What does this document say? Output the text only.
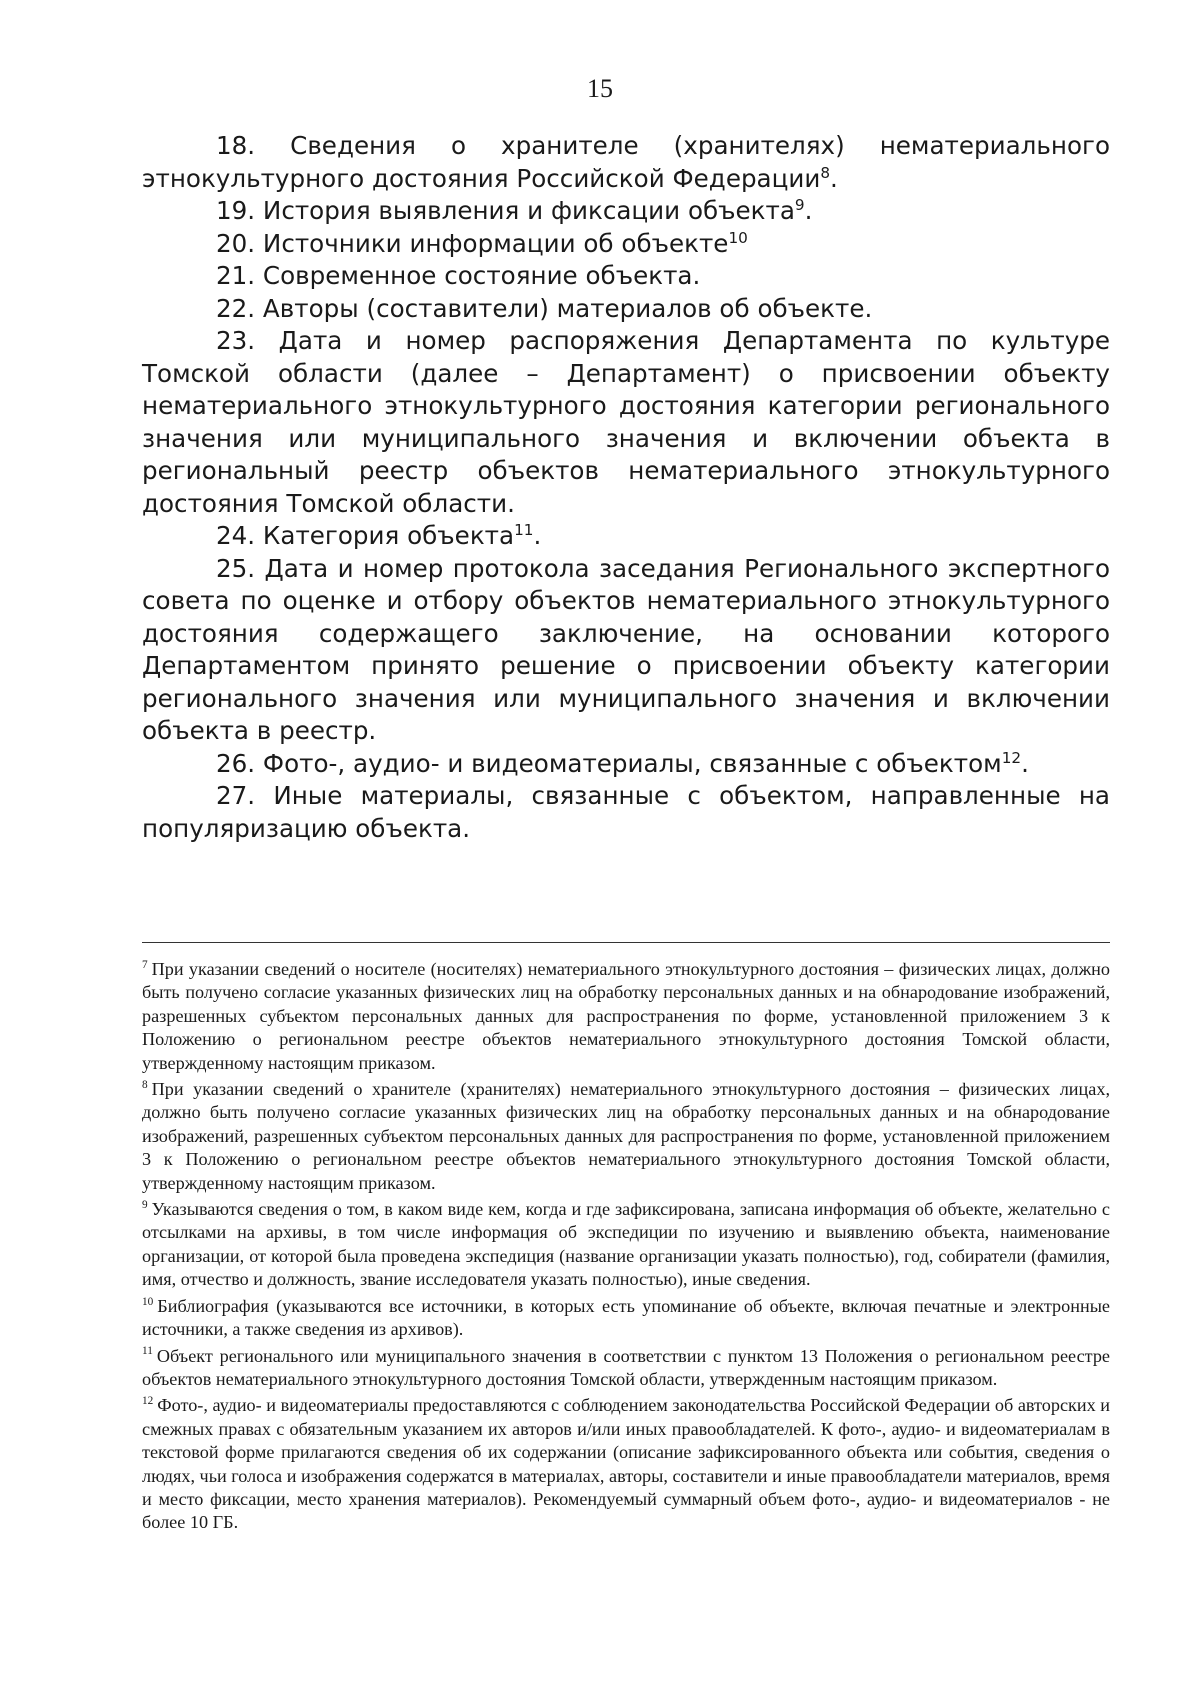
15

18. Сведения о хранителе (хранителях) нематериального этнокультурного достояния Российской Федерации$^8$.

19. История выявления и фиксации объекта$^9$.

20. Источники информации об объекте$^{10}$

21. Современное состояние объекта.

22. Авторы (составители) материалов об объекте.

23. Дата и номер распоряжения Департамента по культуре Томской области (далее – Департамент) о присвоении объекту нематериального этнокультурного достояния категории регионального значения или муниципального значения и включении объекта в региональный реестр объектов нематериального этнокультурного достояния Томской области.

24. Категория объекта$^{11}$.

25. Дата и номер протокола заседания Регионального экспертного совета по оценке и отбору объектов нематериального этнокультурного достояния содержащего заключение, на основании которого Департаментом принято решение о присвоении объекту категории регионального значения или муниципального значения и включении объекта в реестр.

26. Фото-, аудио- и видеоматериалы, связанные с объектом$^{12}$.

27. Иные материалы, связанные с объектом, направленные на популяризацию объекта.

$^7$ При указании сведений о носителе (носителях) нематериального этнокультурного достояния – физических лицах, должно быть получено согласие указанных физических лиц на обработку персональных данных и на обнародование изображений, разрешенных субъектом персональных данных для распространения по форме, установленной приложением 3 к Положению о региональном реестре объектов нематериального этнокультурного достояния Томской области, утвержденному настоящим приказом.

$^8$ При указании сведений о хранителе (хранителях) нематериального этнокультурного достояния – физических лицах, должно быть получено согласие указанных физических лиц на обработку персональных данных и на обнародование изображений, разрешенных субъектом персональных данных для распространения по форме, установленной приложением 3 к Положению о региональном реестре объектов нематериального этнокультурного достояния Томской области, утвержденному настоящим приказом.

$^9$ Указываются сведения о том, в каком виде кем, когда и где зафиксирована, записана информация об объекте, желательно с отсылками на архивы, в том числе информация об экспедиции по изучению и выявлению объекта, наименование организации, от которой была проведена экспедиция (название организации указать полностью), год, собиратели (фамилия, имя, отчество и должность, звание исследователя указать полностью), иные сведения.

$^{10}$ Библиография (указываются все источники, в которых есть упоминание об объекте, включая печатные и электронные источники, а также сведения из архивов).

$^{11}$ Объект регионального или муниципального значения в соответствии с пунктом 13 Положения о региональном реестре объектов нематериального этнокультурного достояния Томской области, утвержденным настоящим приказом.

$^{12}$ Фото-, аудио- и видеоматериалы предоставляются с соблюдением законодательства Российской Федерации об авторских и смежных правах с обязательным указанием их авторов и/или иных правообладателей. К фото-, аудио- и видеоматериалам в текстовой форме прилагаются сведения об их содержании (описание зафиксированного объекта или события, сведения о людях, чьи голоса и изображения содержатся в материалах, авторы, составители и иные правообладатели материалов, время и место фиксации, место хранения материалов). Рекомендуемый суммарный объем фото-, аудио- и видеоматериалов - не более 10 ГБ.
